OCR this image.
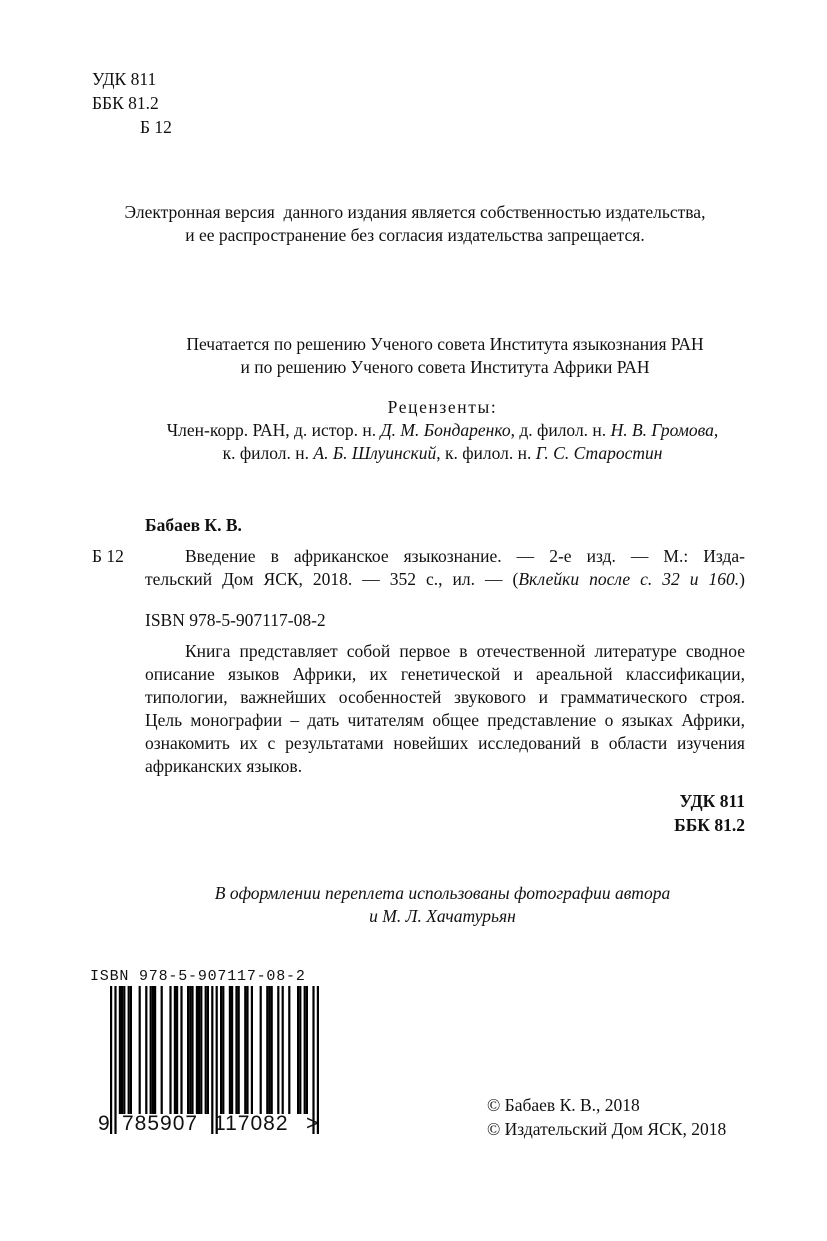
УДК 811
ББК 81.2
Б 12
Электронная версия  данного издания является собственностью издательства,
и ее распространение без согласия издательства запрещается.
Печатается по решению Ученого совета Института языкознания РАН
и по решению Ученого совета Института Африки РАН
Рецензенты:
Член-корр. РАН, д. истор. н. Д. М. Бондаренко, д. филол. н. Н. В. Громова,
к. филол. н. А. Б. Шлуинский, к. филол. н. Г. С. Старостин
Бабаев К. В.
Б 12	Введение в африканское языкознание. — 2-е изд. — М.: Изда-
тельский Дом ЯСК, 2018. — 352 с., ил. — (Вклейки после с. 32 и 160.)
ISBN 978-5-907117-08-2
Книга представляет собой первое в отечественной литературе сводное
описание языков Африки, их генетической и ареальной классификации,
типологии, важнейших особенностей звукового и грамматического строя.
Цель монографии – дать читателям общее представление о языках Африки,
ознакомить их с результатами новейших исследований в области изучения
африканских языков.
УДК 811
ББК 81.2
В оформлении переплета использованы фотографии автора
и М. Л. Хачатурьян
ISBN 978-5-907117-08-2
9 785907 117082 >
© Бабаев К. В., 2018
© Издательский Дом ЯСК, 2018
